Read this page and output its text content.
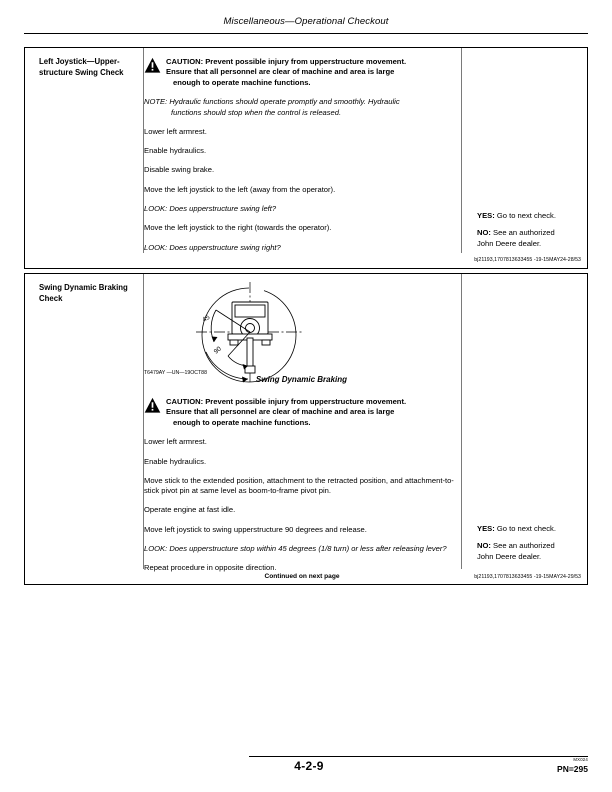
Miscellaneous—Operational Checkout
Left Joystick—Upper-structure Swing Check
CAUTION: Prevent possible injury from upperstructure movement.
Ensure that all personnel are clear of machine and area is large
enough to operate machine functions.
NOTE: Hydraulic functions should operate promptly and smoothly. Hydraulic
functions should stop when the control is released.
Lower left armrest.
Enable hydraulics.
Disable swing brake.
Move the left joystick to the left (away from the operator).
LOOK: Does upperstructure swing left?
Move the left joystick to the right (towards the operator).
LOOK: Does upperstructure swing right?
YES: Go to next check.
NO: See an authorized
John Deere dealer.
bj21193,1707813633455 -19-15MAY24-28/53
Swing Dynamic Braking Check
45
90
T6479AY —UN—19OCT88
Swing Dynamic Braking
CAUTION: Prevent possible injury from upperstructure movement.
Ensure that all personnel are clear of machine and area is large
enough to operate machine functions.
Lower left armrest.
Enable hydraulics.
Move stick to the extended position, attachment to the retracted position, and attachment-to-stick pivot pin at same level as boom-to-frame pivot pin.
Operate engine at fast idle.
Move left joystick to swing upperstructure 90 degrees and release.
LOOK: Does upperstructure stop within 45 degrees (1/8 turn) or less after releasing lever?
Repeat procedure in opposite direction.
YES: Go to next check.
NO: See an authorized
John Deere dealer.
Continued on next page	bj21193,1707813633455 -19-15MAY24-29/53
4-2-9	MX024
PN=295
